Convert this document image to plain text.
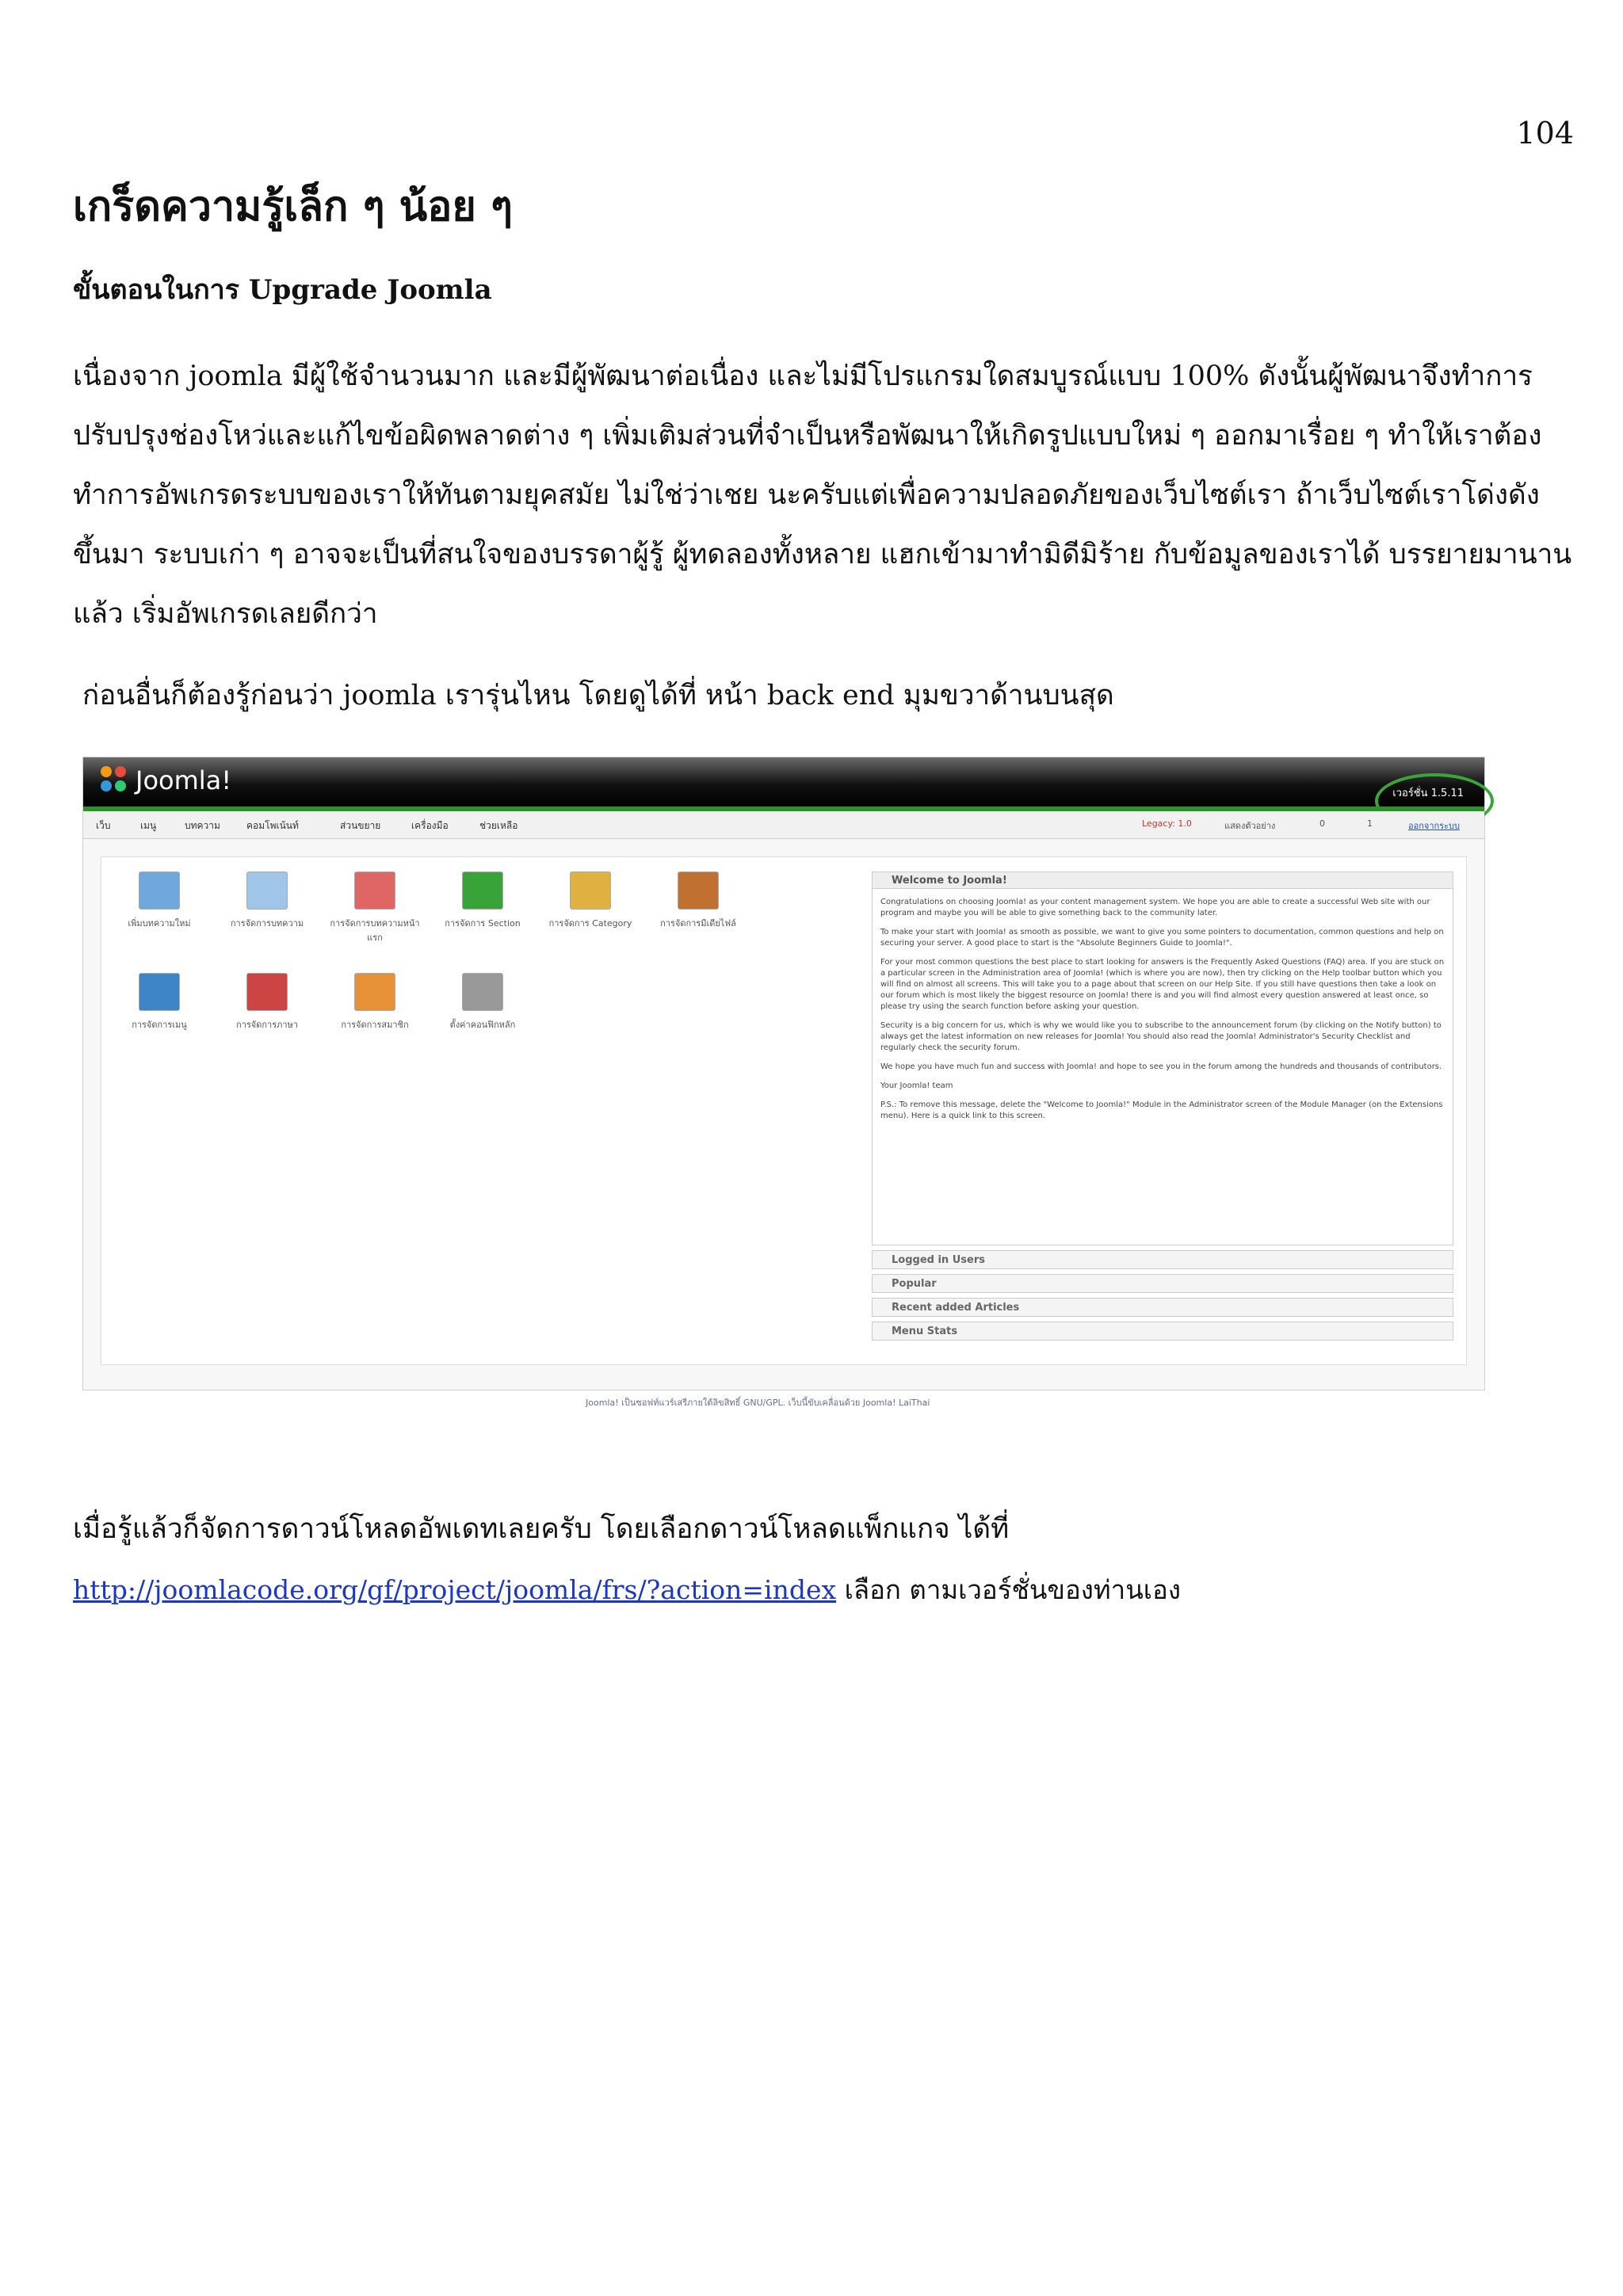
104
เกร็ดความรู้เล็ก ๆ น้อย ๆ
ขั้นตอนในการ Upgrade Joomla
เนื่องจาก joomla มีผู้ใช้จำนวนมาก และมีผู้พัฒนาต่อเนื่อง และไม่มีโปรแกรมใดสมบูรณ์แบบ 100% ดังนั้นผู้พัฒนาจึงทำการ
ปรับปรุงช่องโหว่และแก้ไขข้อผิดพลาดต่าง ๆ เพิ่มเติมส่วนที่จำเป็นหรือพัฒนาให้เกิดรูปแบบใหม่ ๆ ออกมาเรื่อย ๆ ทำให้เราต้อง
ทำการอัพเกรดระบบของเราให้ทันตามยุคสมัย ไม่ใช่ว่าเชย นะครับแต่เพื่อความปลอดภัยของเว็บไซต์เรา ถ้าเว็บไซต์เราโด่งดัง
ขึ้นมา ระบบเก่า ๆ อาจจะเป็นที่สนใจของบรรดาผู้รู้ ผู้ทดลองทั้งหลาย แฮกเข้ามาทำมิดีมิร้าย กับข้อมูลของเราได้ บรรยายมานาน
แล้ว เริ่มอัพเกรดเลยดีกว่า
ก่อนอื่นก็ต้องรู้ก่อนว่า joomla เรารุ่นไหน โดยดูได้ที่ หน้า back end มุมขวาด้านบนสุด
Joomla!	เวอร์ชั่น 1.5.11
เว็บ	เมนู	บทความ	คอมโพเน้นท์	ส่วนขยาย	เครื่องมือ	ช่วยเหลือ	Legacy: 1.0	แสดงตัวอย่าง	0	1	ออกจากระบบ
เพิ่มบทความใหม่	การจัดการบทความ	การจัดการบทความหน้าแรก
การจัดการ Section	การจัดการ Category	การจัดการมีเดียไฟล์
การจัดการเมนู	การจัดการภาษา	การจัดการสมาชิก	ตั้งค่าคอนฟิกหลัก
Welcome to Joomla!

Congratulations on choosing Joomla! as your content management system. We hope you are able to create a successful Web site with our program and maybe you will be able to give something back to the community later.

To make your start with Joomla! as smooth as possible, we want to give you some pointers to documentation, common questions and help on securing your server. A good place to start is the "Absolute Beginners Guide to Joomla!".

For your most common questions the best place to start looking for answers is the Frequently Asked Questions (FAQ) area. If you are stuck on a particular screen in the Administration area of Joomla! (which is where you are now), then try clicking on the Help toolbar button which you will find on almost all screens. This will take you to a page about that screen on our Help Site. If you still have questions then take a look on our forum which is most likely the biggest resource on Joomla! there is and you will find almost every question answered at least once, so please try using the search function before asking your question.

Security is a big concern for us, which is why we would like you to subscribe to the announcement forum (by clicking on the Notify button) to always get the latest information on new releases for Joomla! You should also read the Joomla! Administrator's Security Checklist and regularly check the security forum.

We hope you have much fun and success with Joomla! and hope to see you in the forum among the hundreds and thousands of contributors.

Your Joomla! team

P.S.: To remove this message, delete the "Welcome to Joomla!" Module in the Administrator screen of the Module Manager (on the Extensions menu). Here is a quick link to this screen.

Logged in Users
Popular
Recent added Articles
Menu Stats
Joomla! เป็นซอฟท์แวร์เสรีภายใต้ลิขสิทธิ์ GNU/GPL. เว็บนี้ขับเคลื่อนด้วย Joomla! LaiThai
เมื่อรู้แล้วก็จัดการดาวน์โหลดอัพเดทเลยครับ โดยเลือกดาวน์โหลดแพ็กแกจ ได้ที่
http://joomlacode.org/gf/project/joomla/frs/?action=index เลือก ตามเวอร์ชั่นของท่านเอง
